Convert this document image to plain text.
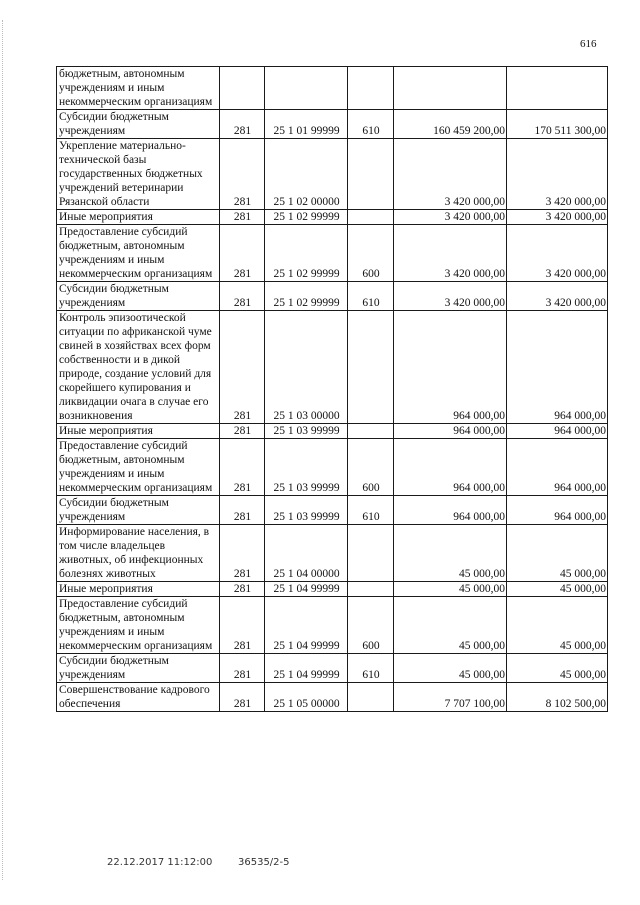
616
бюджетным, автономным учреждениям и иным некоммерческим организациям					
Субсидии бюджетным учреждениям	281	25 1 01 99999	610	160 459 200,00	170 511 300,00
Укрепление материально-технической базы государственных бюджетных учреждений ветеринарии Рязанской области	281	25 1 02 00000		3 420 000,00	3 420 000,00
Иные мероприятия	281	25 1 02 99999		3 420 000,00	3 420 000,00
Предоставление субсидий бюджетным, автономным учреждениям и иным некоммерческим организациям	281	25 1 02 99999	600	3 420 000,00	3 420 000,00
Субсидии бюджетным учреждениям	281	25 1 02 99999	610	3 420 000,00	3 420 000,00
Контроль эпизоотической ситуации по африканской чуме свиней в хозяйствах всех форм собственности и в дикой природе, создание условий для скорейшего купирования и ликвидации очага в случае его возникновения	281	25 1 03 00000		964 000,00	964 000,00
Иные мероприятия	281	25 1 03 99999		964 000,00	964 000,00
Предоставление субсидий бюджетным, автономным учреждениям и иным некоммерческим организациям	281	25 1 03 99999	600	964 000,00	964 000,00
Субсидии бюджетным учреждениям	281	25 1 03 99999	610	964 000,00	964 000,00
Информирование населения, в том числе владельцев животных, об инфекционных болезнях животных	281	25 1 04 00000		45 000,00	45 000,00
Иные мероприятия	281	25 1 04 99999		45 000,00	45 000,00
Предоставление субсидий бюджетным, автономным учреждениям и иным некоммерческим организациям	281	25 1 04 99999	600	45 000,00	45 000,00
Субсидии бюджетным учреждениям	281	25 1 04 99999	610	45 000,00	45 000,00
Совершенствование кадрового обеспечения	281	25 1 05 00000		7 707 100,00	8 102 500,00
22.12.2017 11:12:00	36535/2-5
